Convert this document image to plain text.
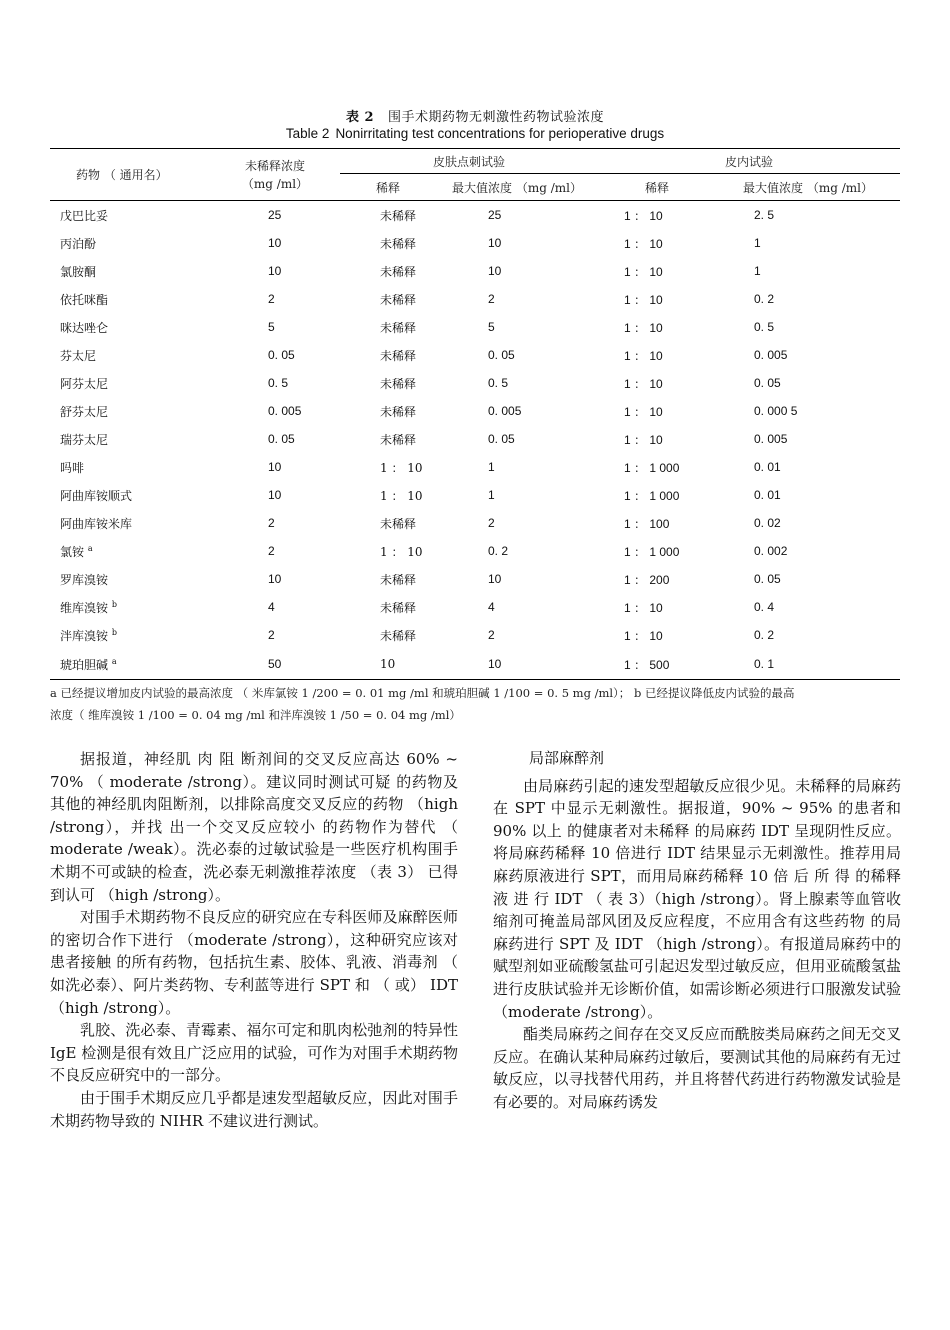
表 2 围手术期药物无刺激性药物试验浓度
Table 2 Nonirritating test concentrations for perioperative drugs
药物 （ 通用名）	未稀释浓度
（mg /ml）	皮肤点刺试验		皮内试验	
		稀释	最大值浓度 （mg /ml）	稀释	最大值浓度 （mg /ml）
戊巴比妥	25	未稀释	25	1 ： 10	2. 5
丙泊酚	10	未稀释	10	1 ： 10	1
氯胺酮	10	未稀释	10	1 ： 10	1
依托咪酯	2	未稀释	2	1 ： 10	0. 2
咪达唑仑	5	未稀释	5	1 ： 10	0. 5
芬太尼	0. 05	未稀释	0. 05	1 ： 10	0. 005
阿芬太尼	0. 5	未稀释	0. 5	1 ： 10	0. 05
舒芬太尼	0. 005	未稀释	0. 005	1 ： 10	0. 000 5
瑞芬太尼	0. 05	未稀释	0. 05	1 ： 10	0. 005
吗啡	10	1 ： 10	1	1 ： 1 000	0. 01
阿曲库铵顺式	10	1 ： 10	1	1 ： 1 000	0. 01
阿曲库铵米库	2	未稀释	2	1 ： 100	0. 02
氯铵 $^a$	2	1 ： 10	0. 2	1 ： 1 000	0. 002
罗库溴铵	10	未稀释	10	1 ： 200	0. 05
维库溴铵 $^b$	4	未稀释	4	1 ： 10	0. 4
泮库溴铵 $^b$	2	未稀释	2	1 ： 10	0. 2
琥珀胆碱 $^a$	50	10	10	1 ： 500	0. 1
a 已经提议增加皮内试验的最高浓度 （ 米库氯铵 1 /200 = 0. 01 mg /ml 和琥珀胆碱 1 /100 = 0. 5 mg /ml）； b 已经提议降低皮内试验的最高
浓度（ 维库溴铵 1 /100 = 0. 04 mg /ml 和泮库溴铵 1 /50 = 0. 04 mg /ml）

据报道，神经肌 肉 阻 断剂间的交叉反应高达 60% ~ 70% （ moderate /strong）。建议同时测试可疑 的药物及其他的神经肌肉阻断剂，以排除高度交叉反应的药物 （high /strong），并找 出一个交叉反应较小 的药物作为替代 （ moderate /weak）。洗必泰的过敏试验是一些医疗机构围手术期不可或缺的检查，洗必泰无刺激推荐浓度 （表 3） 已得到认可 （high /strong）。

对围手术期药物不良反应的研究应在专科医师及麻醉医师的密切合作下进行 （moderate /strong），这种研究应该对患者接触 的所有药物，包括抗生素、胶体、乳液、消毒剂 （ 如洗必泰）、阿片类药物、专利蓝等进行 SPT 和 （ 或） IDT （high /strong）。

乳胶、洗必泰、青霉素、福尔可定和肌肉松弛剂的特异性 IgE 检测是很有效且广泛应用的试验，可作为对围手术期药物不良反应研究中的一部分。

由于围手术期反应几乎都是速发型超敏反应，因此对围手术期药物导致的 NIHR 不建议进行测试。

局部麻醉剂

由局麻药引起的速发型超敏反应很少见。未稀释的局麻药在 SPT 中显示无刺激性。据报道，90% ~ 95% 的患者和 90% 以上 的健康者对未稀释 的局麻药 IDT 呈现阴性反应。将局麻药稀释 10 倍进行 IDT 结果显示无刺激性。推荐用局麻药原液进行 SPT，而用局麻药稀释 10 倍 后 所 得 的稀释 液 进 行 IDT （ 表 3）（high /strong）。肾上腺素等血管收缩剂可掩盖局部风团及反应程度，不应用含有这些药物 的局麻药进行 SPT 及 IDT （high /strong）。有报道局麻药中的赋型剂如亚硫酸氢盐可引起迟发型过敏反应，但用亚硫酸氢盐进行皮肤试验并无诊断价值，如需诊断必须进行口服激发试验 （moderate /strong）。

酯类局麻药之间存在交叉反应而酰胺类局麻药之间无交叉反应。在确认某种局麻药过敏后，要测试其他的局麻药有无过敏反应，以寻找替代用药，并且将替代药进行药物激发试验是有必要的。对局麻药诱发
